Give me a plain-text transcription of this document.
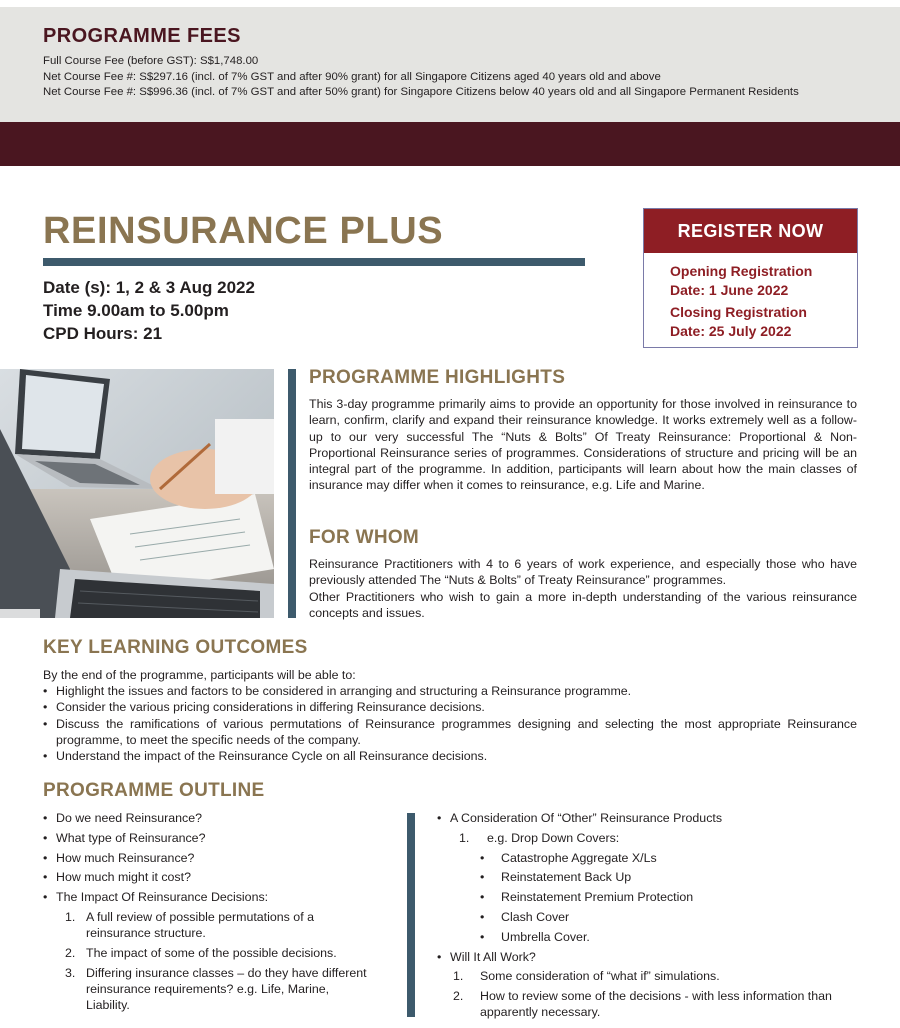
PROGRAMME FEES

Full Course Fee (before GST): S$1,748.00

Net Course Fee #: S$297.16 (incl. of 7% GST and after 90% grant) for all Singapore Citizens aged 40 years old and above

Net Course Fee #: S$996.36 (incl. of 7% GST and after 50% grant) for Singapore Citizens below 40 years old and all Singapore Permanent Residents

REINSURANCE PLUS
Date (s): 1, 2 & 3 Aug 2022
Time 9.00am to 5.00pm
CPD Hours: 21
REGISTER NOW
Opening Registration
Date: 1 June 2022
Closing Registration
Date: 25 July 2022
PROGRAMME HIGHLIGHTS
This 3-day programme primarily aims to provide an opportunity for those involved in reinsurance to learn, confirm, clarify and expand their reinsurance knowledge. It works extremely well as a follow-up to our very successful The “Nuts & Bolts” Of Treaty Reinsurance: Proportional & Non-Proportional Reinsurance series of programmes. Considerations of structure and pricing will be an integral part of the programme. In addition, participants will learn about how the main classes of insurance may differ when it comes to reinsurance, e.g. Life and Marine.
FOR WHOM
Reinsurance Practitioners with 4 to 6 years of work experience, and especially those who have previously attended The “Nuts & Bolts” of Treaty Reinsurance” programmes.
Other Practitioners who wish to gain a more in-depth understanding of the various reinsurance concepts and issues.
KEY LEARNING OUTCOMES
By the end of the programme, participants will be able to:
• Highlight the issues and factors to be considered in arranging and structuring a Reinsurance programme.
• Consider the various pricing considerations in differing Reinsurance decisions.
• Discuss the ramifications of various permutations of Reinsurance programmes designing and selecting the most appropriate Reinsurance programme, to meet the specific needs of the company.
• Understand the impact of the Reinsurance Cycle on all Reinsurance decisions.
PROGRAMME OUTLINE
• Do we need Reinsurance?
• What type of Reinsurance?
• How much Reinsurance?
• How much might it cost?
• The Impact Of Reinsurance Decisions:
1. A full review of possible permutations of a reinsurance structure.
2. The impact of some of the possible decisions.
3. Differing insurance classes – do they have different reinsurance requirements? e.g. Life, Marine, Liability.
• A Consideration Of “Other” Reinsurance Products
1. e.g. Drop Down Covers:
• Catastrophe Aggregate X/Ls
• Reinstatement Back Up
• Reinstatement Premium Protection
• Clash Cover
• Umbrella Cover.
• Will It All Work?
1. Some consideration of “what if” simulations.
2. How to review some of the decisions - with less information than apparently necessary.
